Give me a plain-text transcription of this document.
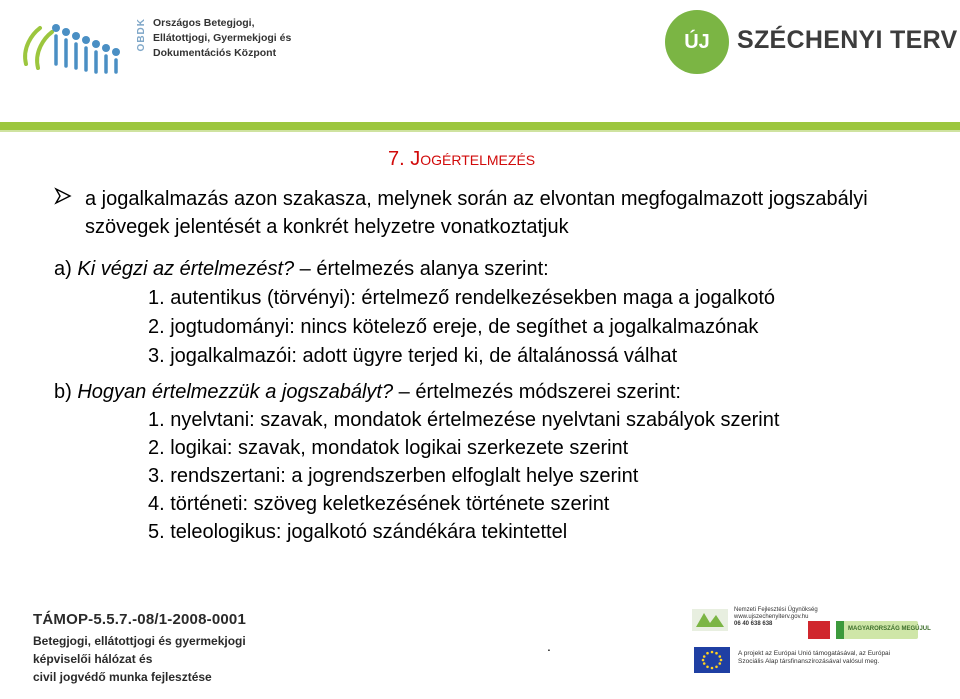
OBDK Országos Betegjogi,
Ellátottjogi, Gyermekjogi és
Dokumentációs Központ	ÚJ	SZÉCHENYI TERV
7. Jogértelmezés
a jogalkalmazás azon szakasza, melynek során az elvontan megfogalmazott jogszabályi szövegek jelentését a konkrét helyzetre vonatkoztatjuk
a) Ki végzi az értelmezést? – értelmezés alanya szerint:
1. autentikus (törvényi): értelmező rendelkezésekben maga a jogalkotó
2. jogtudományi: nincs kötelező ereje, de segíthet a jogalkalmazónak
3. jogalkalmazói: adott ügyre terjed ki, de általánossá válhat
b) Hogyan értelmezzük a jogszabályt? – értelmezés módszerei szerint:
1. nyelvtani: szavak, mondatok értelmezése nyelvtani szabályok szerint
2. logikai: szavak, mondatok logikai szerkezete szerint
3. rendszertani: a jogrendszerben elfoglalt helye szerint
4. történeti: szöveg keletkezésének története szerint
5. teleologikus: jogalkotó szándékára tekintettel
TÁMOP-5.5.7.-08/1-2008-0001
Betegjogi, ellátottjogi és gyermekjogi
képviselői hálózat és
civil jogvédő munka fejlesztése
.
Nemzeti Fejlesztési Ügynökség
www.ujszechenyiterv.gov.hu
06 40 638 638
MAGYARORSZÁG MEGÚJUL
A projekt az Európai Unió támogatásával, az Európai
Szociális Alap társfinanszírozásával valósul meg.
